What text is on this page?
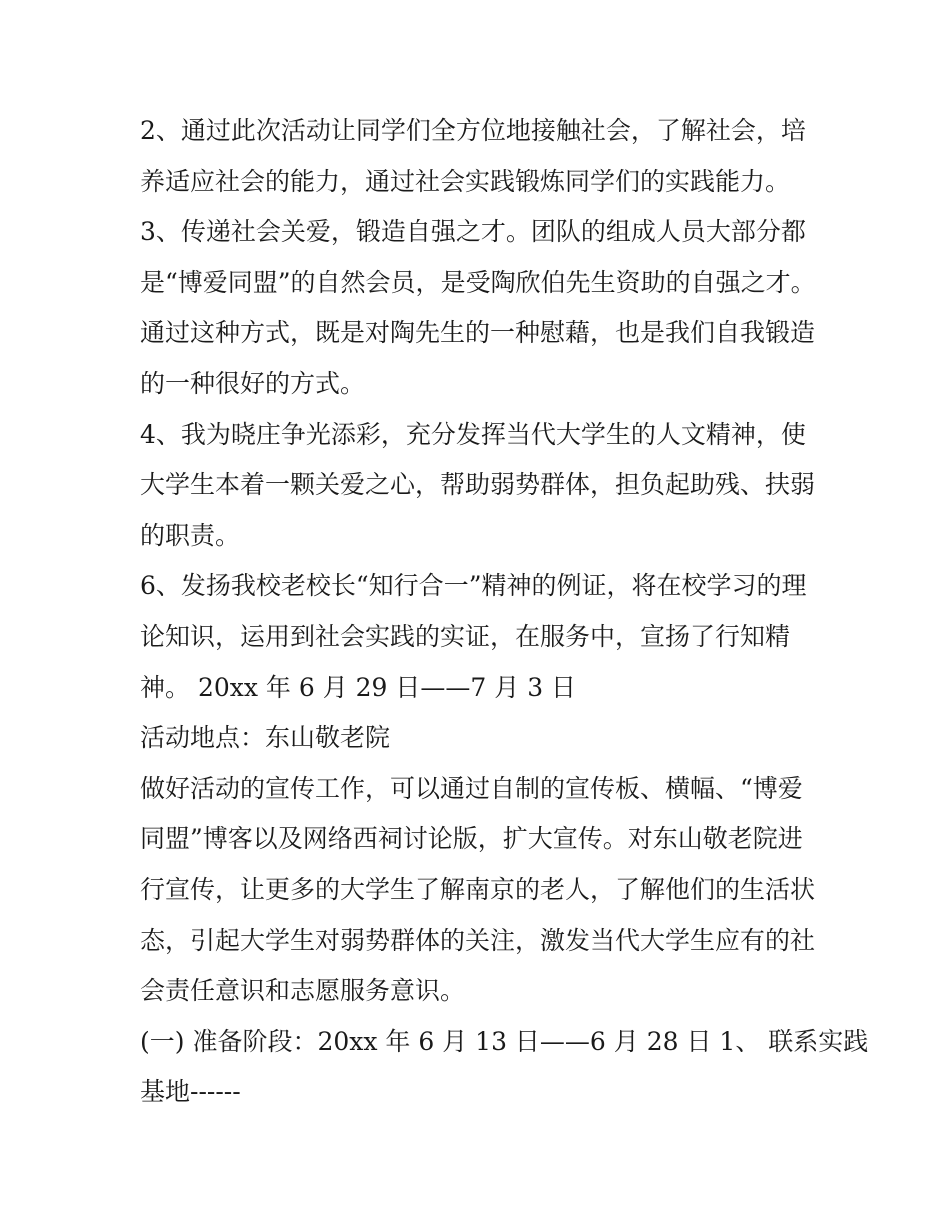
2、通过此次活动让同学们全方位地接触社会，了解社会，培
养适应社会的能力，通过社会实践锻炼同学们的实践能力。

3、传递社会关爱，锻造自强之才。团队的组成人员大部分都
是“博爱同盟”的自然会员，是受陶欣伯先生资助的自强之才。
通过这种方式，既是对陶先生的一种慰藉，也是我们自我锻造
的一种很好的方式。

4、我为晓庄争光添彩，充分发挥当代大学生的人文精神，使
大学生本着一颗关爱之心，帮助弱势群体，担负起助残、扶弱
的职责。

6、发扬我校老校长“知行合一”精神的例证，将在校学习的理
论知识，运用到社会实践的实证，在服务中，宣扬了行知精
神。 20xx 年 6 月 29 日——7 月 3 日

活动地点：东山敬老院

做好活动的宣传工作，可以通过自制的宣传板、横幅、“博爱
同盟”博客以及网络西祠讨论版，扩大宣传。对东山敬老院进
行宣传，让更多的大学生了解南京的老人，了解他们的生活状
态，引起大学生对弱势群体的关注，激发当代大学生应有的社
会责任意识和志愿服务意识。

(一) 准备阶段：20xx 年 6 月 13 日——6 月 28 日 1、 联系实践
基地------
